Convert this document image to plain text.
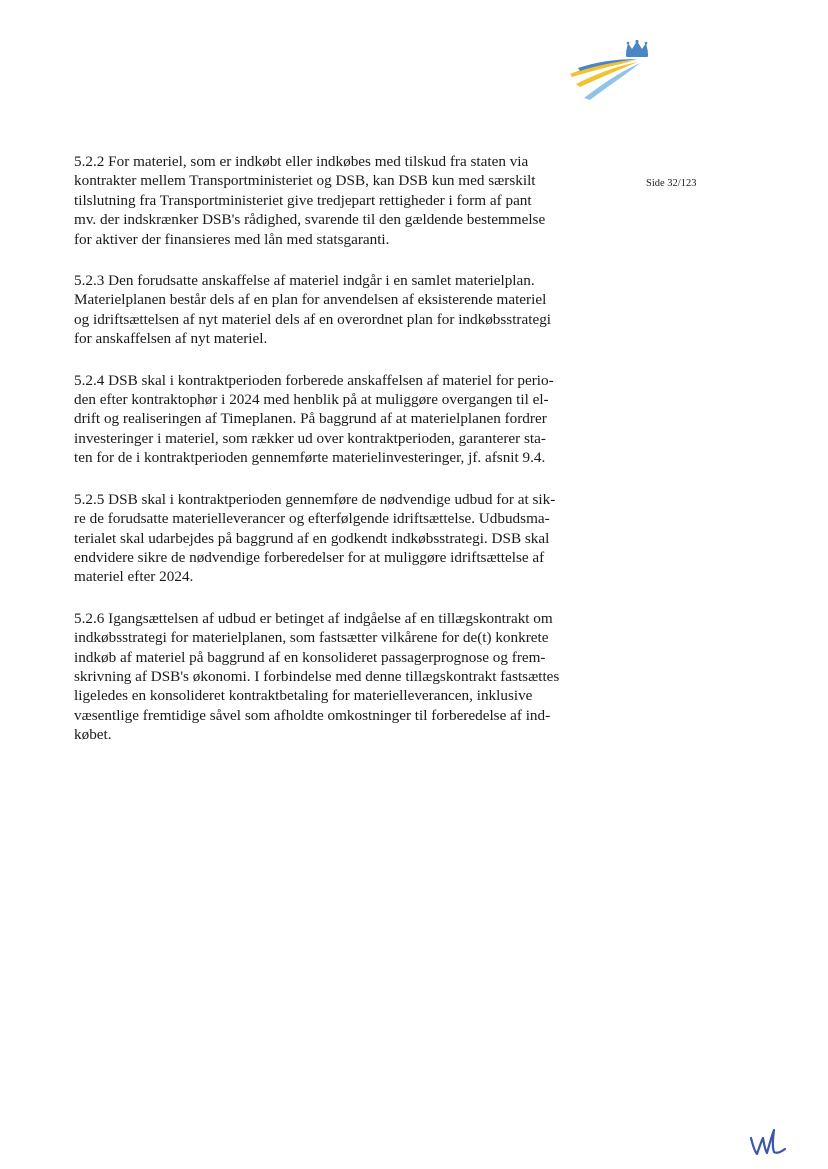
Side 32/123

5.2.2 For materiel, som er indkøbt eller indkøbes med tilskud fra staten via
kontrakter mellem Transportministeriet og DSB, kan DSB kun med særskilt
tilslutning fra Transportministeriet give tredjepart rettigheder i form af pant
mv. der indskrænker DSB's rådighed, svarende til den gældende bestemmelse
for aktiver der finansieres med lån med statsgaranti.

5.2.3 Den forudsatte anskaffelse af materiel indgår i en samlet materielplan.
Materielplanen består dels af en plan for anvendelsen af eksisterende materiel
og idriftsættelsen af nyt materiel dels af en overordnet plan for indkøbsstrategi
for anskaffelsen af nyt materiel.

5.2.4 DSB skal i kontraktperioden forberede anskaffelsen af materiel for perio-
den efter kontraktophør i 2024 med henblik på at muliggøre overgangen til el-
drift og realiseringen af Timeplanen. På baggrund af at materielplanen fordrer
investeringer i materiel, som rækker ud over kontraktperioden, garanterer sta-
ten for de i kontraktperioden gennemførte materielinvesteringer, jf. afsnit 9.4.

5.2.5 DSB skal i kontraktperioden gennemføre de nødvendige udbud for at sik-
re de forudsatte materielleverancer og efterfølgende idriftsættelse. Udbudsma-
terialet skal udarbejdes på baggrund af en godkendt indkøbsstrategi. DSB skal
endvidere sikre de nødvendige forberedelser for at muliggøre idriftsættelse af
materiel efter 2024.

5.2.6 Igangsættelsen af udbud er betinget af indgåelse af en tillægskontrakt om
indkøbsstrategi for materielplanen, som fastsætter vilkårene for de(t) konkrete
indkøb af materiel på baggrund af en konsolideret passagerprognose og frem-
skrivning af DSB's økonomi. I forbindelse med denne tillægskontrakt fastsættes
ligeledes en konsolideret kontraktbetaling for materielleverancen, inklusive
væsentlige fremtidige såvel som afholdte omkostninger til forberedelse af ind-
købet.
